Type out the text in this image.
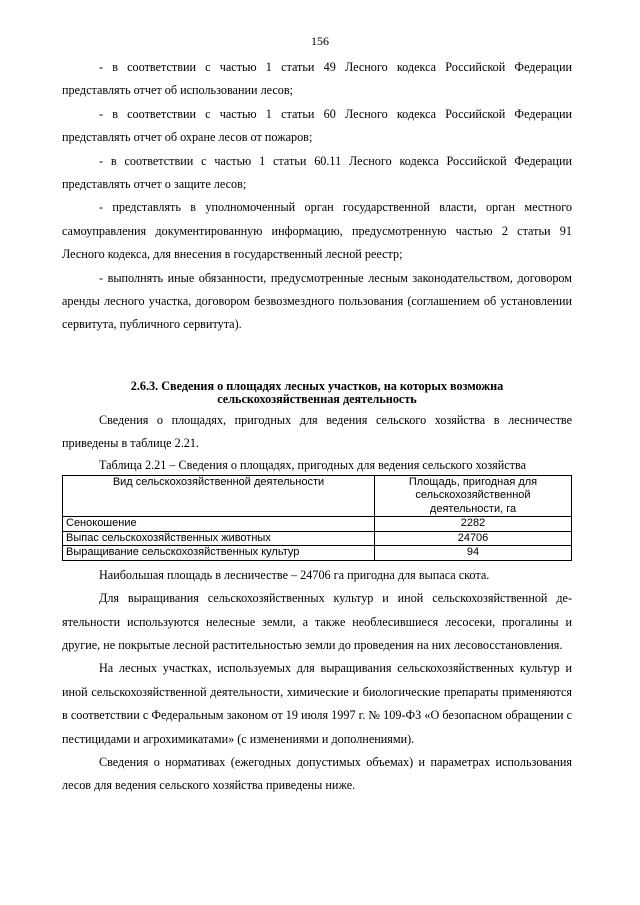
156

- в соответствии с частью 1 статьи 49 Лесного кодекса Российской Федерации представлять отчет об использовании лесов;

- в соответствии с частью 1 статьи 60 Лесного кодекса Российской Федерации представлять отчет об охране лесов от пожаров;

- в соответствии с частью 1 статьи 60.11 Лесного кодекса Российской Федерации представлять отчет о защите лесов;

- представлять в уполномоченный орган государственной власти, орган местного самоуправления документированную информацию, предусмотренную частью 2 статьи 91 Лесного кодекса, для внесения в государственный лесной реестр;

- выполнять иные обязанности, предусмотренные лесным законодательством, договором аренды лесного участка, договором безвозмездного пользования (соглашением об установлении сервитута, публичного сервитута).

2.6.3. Сведения о площадях лесных участков, на которых возможна
сельскохозяйственная деятельность

Сведения о площадях, пригодных для ведения сельского хозяйства в лесничестве приведены в таблице 2.21.

Таблица 2.21 – Сведения о площадях, пригодных для ведения сельского хозяйства

Вид сельскохозяйственной деятельности	Площадь, пригодная для сельскохозяйственной деятельности, га
Сенокошение	2282
Выпас сельскохозяйственных животных	24706
Выращивание сельскохозяйственных культур	94

Наибольшая площадь в лесничестве – 24706 га пригодна для выпаса скота.

Для выращивания сельскохозяйственных культур и иной сельскохозяйственной деятельности используются нелесные земли, а также необлесившиеся лесосеки, прогалины и другие, не покрытые лесной растительностью земли до проведения на них лесовосстановления.

На лесных участках, используемых для выращивания сельскохозяйственных культур и иной сельскохозяйственной деятельности, химические и биологические препараты применяются в соответствии с Федеральным законом от 19 июля 1997 г. № 109-ФЗ «О безопасном обращении с пестицидами и агрохимикатами» (с изменениями и дополнениями).

Сведения о нормативах (ежегодных допустимых объемах) и параметрах использования лесов для ведения сельского хозяйства приведены ниже.
